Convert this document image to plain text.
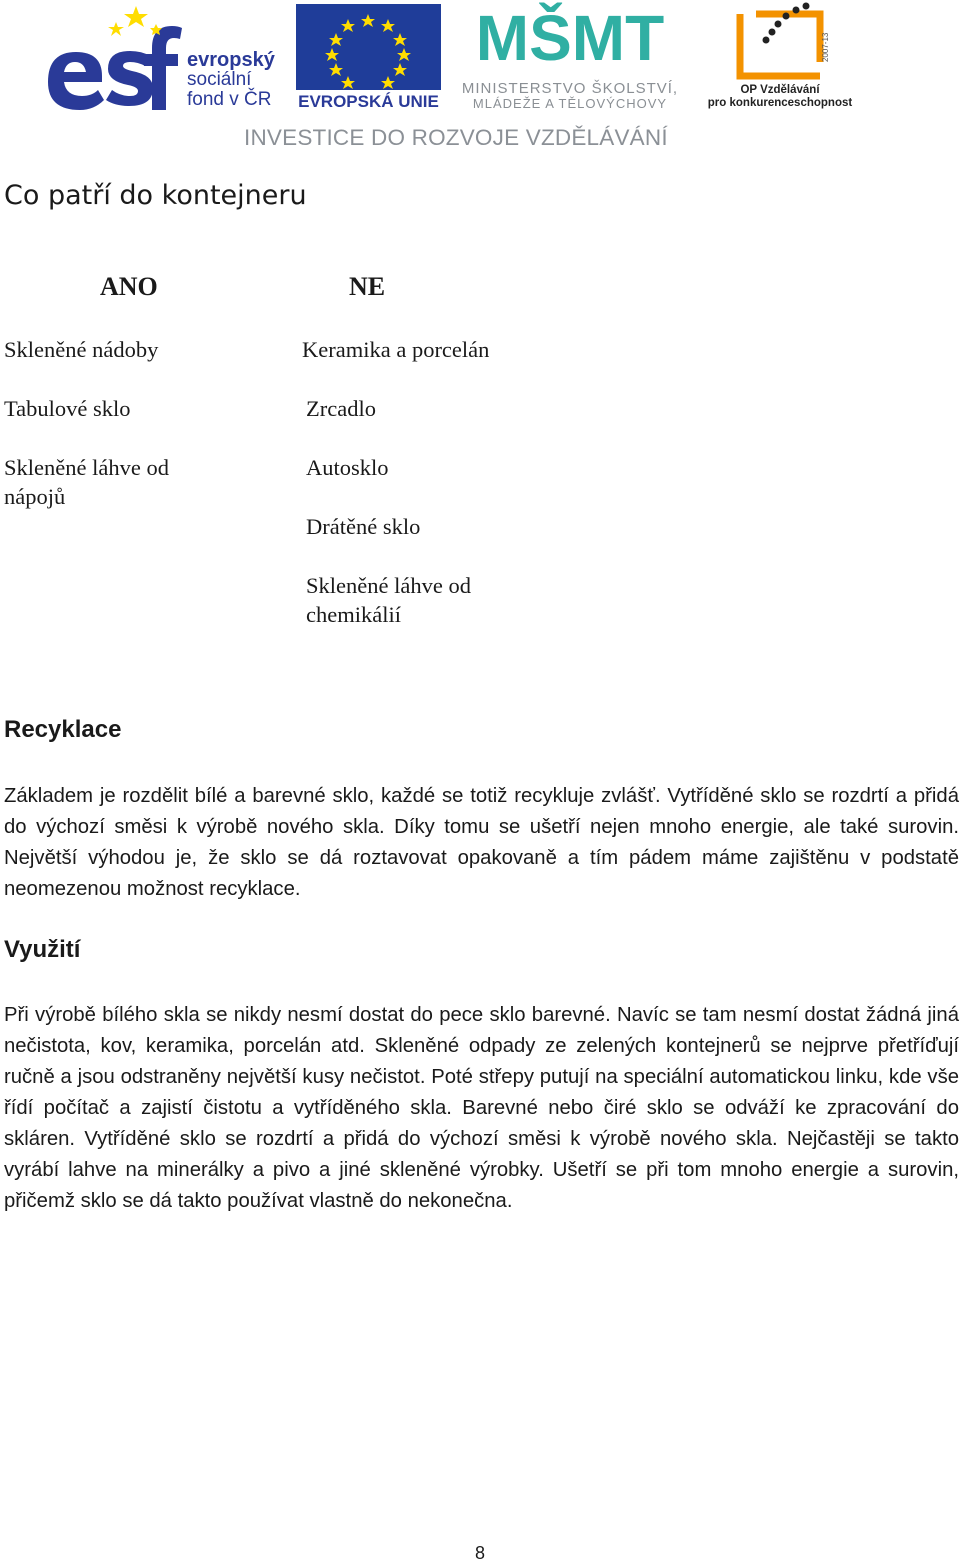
evropský
sociální
fond v ČR EVROPSKÁ UNIE
MŠMT
MINISTERSTVO ŠKOLSTVÍ,
MLÁDEŽE A TĚLOVÝCHOVY
2007-13
OP Vzdělávání
pro konkurenceschopnost
INVESTICE DO ROZVOJE VZDĚLÁVÁNÍ
Co patří do kontejneru
ANO	NE
Skleněné nádoby
Tabulové sklo
Skleněné láhve od nápojů
Keramika a porcelán
Zrcadlo
Autosklo
Drátěné sklo
Skleněné láhve od chemikálií
Recyklace

Základem je rozdělit bílé a barevné sklo, každé se totiž recykluje zvlášť. Vytříděné sklo se rozdrtí a přidá do výchozí směsi k výrobě nového skla. Díky tomu se ušetří nejen mnoho energie, ale také surovin. Největší výhodou je, že sklo se dá roztavovat opakovaně a tím pádem máme zajištěnu v podstatě neomezenou možnost recyklace.

Využití

Při výrobě bílého skla se nikdy nesmí dostat do pece sklo barevné. Navíc se tam nesmí dostat žádná jiná nečistota, kov, keramika, porcelán atd. Skleněné odpady ze zelených kontejnerů se nejprve přetříďují ručně a jsou odstraněny největší kusy nečistot. Poté střepy putují na speciální automatickou linku, kde vše řídí počítač a zajistí čistotu a vytříděného skla. Barevné nebo čiré sklo se odváží ke zpracování do skláren. Vytříděné sklo se rozdrtí a přidá do výchozí směsi k výrobě nového skla. Nejčastěji se takto vyrábí lahve na minerálky a pivo a jiné skleněné výrobky. Ušetří se při tom mnoho energie a surovin, přičemž sklo se dá takto používat vlastně do nekonečna.

8
